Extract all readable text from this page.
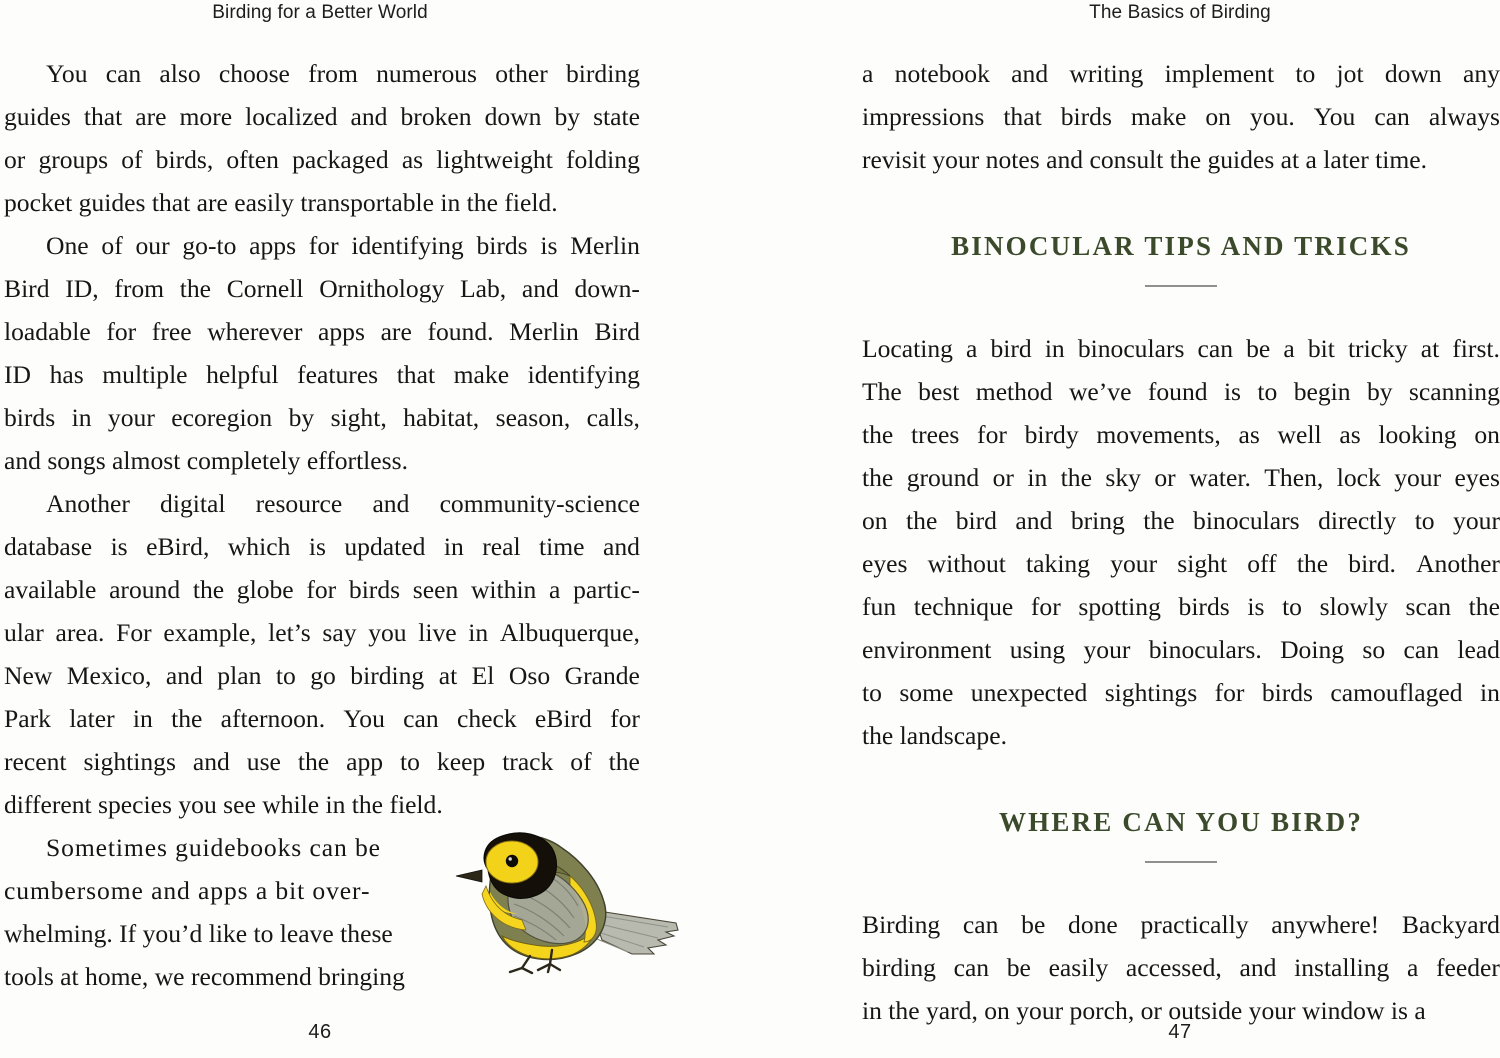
Birding for a Better World
You can also choose from numerous other birding
guides that are more localized and broken down by state
or groups of birds, often packaged as lightweight folding
pocket guides that are easily transportable in the field.
One of our go-to apps for identifying birds is Merlin
Bird ID, from the Cornell Ornithology Lab, and down-
loadable for free wherever apps are found. Merlin Bird
ID has multiple helpful features that make identifying
birds in your ecoregion by sight, habitat, season, calls,
and songs almost completely effortless.
Another digital resource and community-science
database is eBird, which is updated in real time and
available around the globe for birds seen within a partic-
ular area. For example, let’s say you live in Albuquerque,
New Mexico, and plan to go birding at El Oso Grande
Park later in the afternoon. You can check eBird for
recent sightings and use the app to keep track of the
different species you see while in the field.
Sometimes guidebooks can be
cumbersome and apps a bit over-
whelming. If you’d like to leave these
tools at home, we recommend bringing
46
The Basics of Birding
a notebook and writing implement to jot down any
impressions that birds make on you. You can always
revisit your notes and consult the guides at a later time.
BINOCULAR TIPS AND TRICKS
Locating a bird in binoculars can be a bit tricky at first.
The best method we’ve found is to begin by scanning
the trees for birdy movements, as well as looking on
the ground or in the sky or water. Then, lock your eyes
on the bird and bring the binoculars directly to your
eyes without taking your sight off the bird. Another
fun technique for spotting birds is to slowly scan the
environment using your binoculars. Doing so can lead
to some unexpected sightings for birds camouflaged in
the landscape.
WHERE CAN YOU BIRD?
Birding can be done practically anywhere! Backyard
birding can be easily accessed, and installing a feeder
in the yard, on your porch, or outside your window is a
47
